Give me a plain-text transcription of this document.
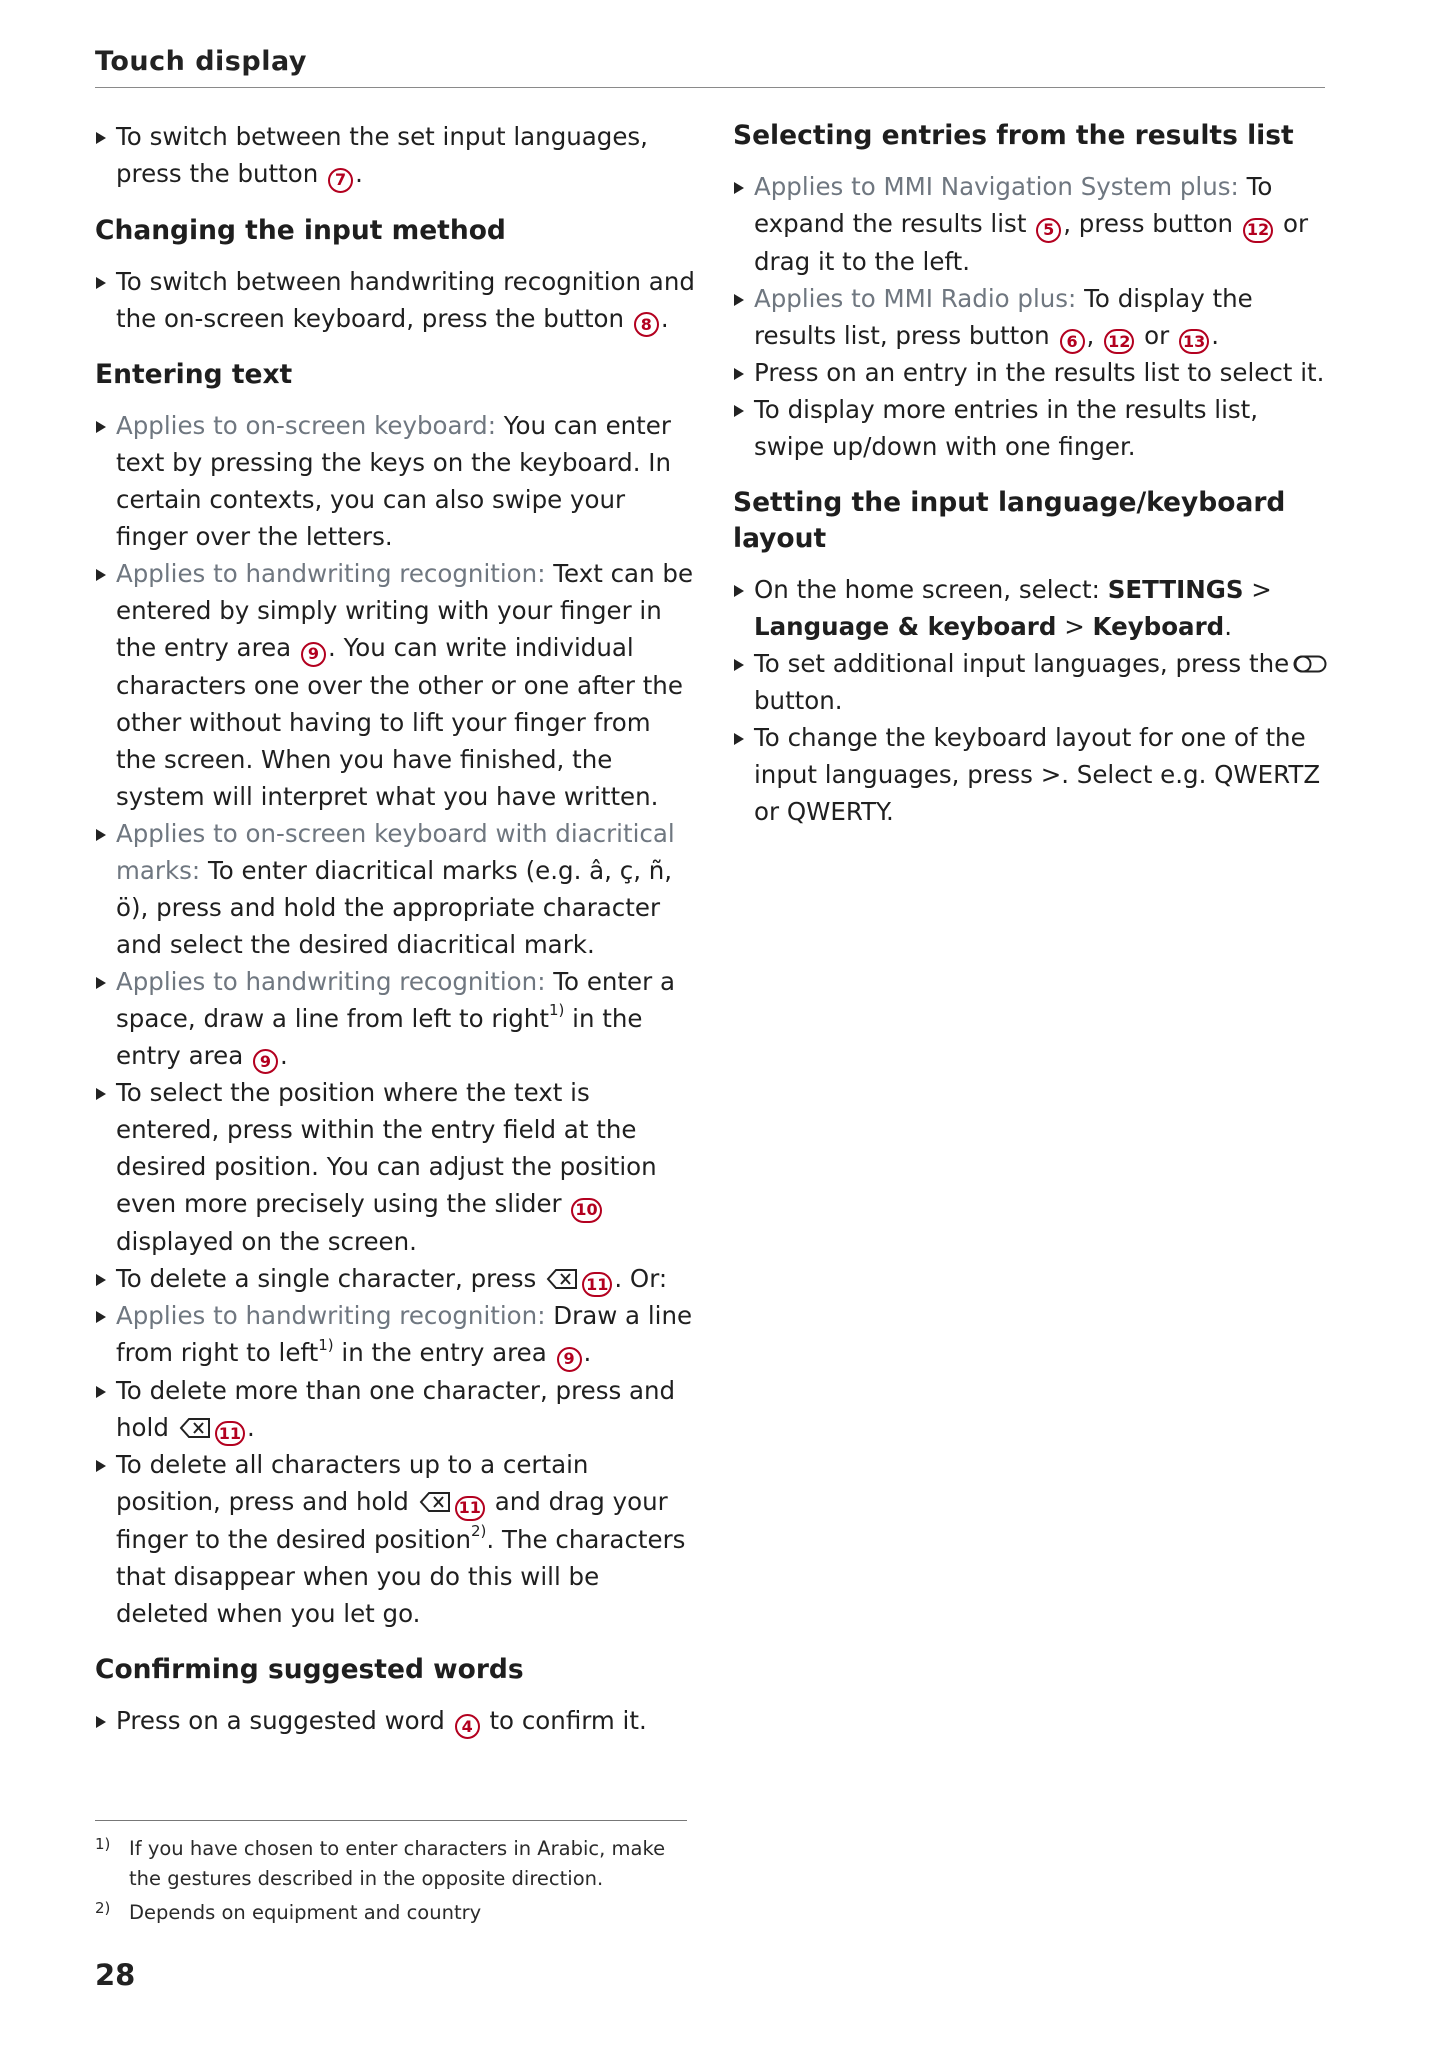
Touch display
To switch between the set input languages, press the button 7 .
Changing the input method
To switch between handwriting recognition and the on-screen keyboard, press the button 8 .
Entering text
Applies to on-screen keyboard: You can enter text by pressing the keys on the keyboard. In certain contexts, you can also swipe your finger over the letters.
Applies to handwriting recognition: Text can be entered by simply writing with your finger in the entry area 9 . You can write individual characters one over the other or one after the other without having to lift your finger from the screen. When you have finished, the system will interpret what you have written.
Applies to on-screen keyboard with diacritical marks: To enter diacritical marks (e.g. â, ç, ñ, ö), press and hold the appropriate character and select the desired diacritical mark.
Applies to handwriting recognition: To enter a space, draw a line from left to right$^{1)}$ in the entry area 9 .
To select the position where the text is entered, press within the entry field at the desired position. You can adjust the position even more precisely using the slider 10 displayed on the screen.
To delete a single character, press	11 . Or:
Applies to handwriting recognition: Draw a line from right to left$^{1)}$ in the entry area 9 .
To delete more than one character, press and hold	11 .
To delete all characters up to a certain position, press and hold	11 and drag your finger to the desired position$^{2)}$. The characters that disappear when you do this will be deleted when you let go.
Confirming suggested words
Press on a suggested word 4 to confirm it.
Selecting entries from the results list
Applies to MMI Navigation System plus: To expand the results list 5 , press button 12 or drag it to the left.
Applies to MMI Radio plus: To display the results list, press button 6 , 12 or 13 .
Press on an entry in the results list to select it.
To display more entries in the results list, swipe up/down with one finger.
Setting the input language/keyboard layout
On the home screen, select: SETTINGS > Language & keyboard > Keyboard.
To set additional input languages, press the button.
To change the keyboard layout for one of the input languages, press >. Select e.g. QWERTZ or QWERTY.
1) If you have chosen to enter characters in Arabic, make the gestures described in the opposite direction.
2) Depends on equipment and country
28
